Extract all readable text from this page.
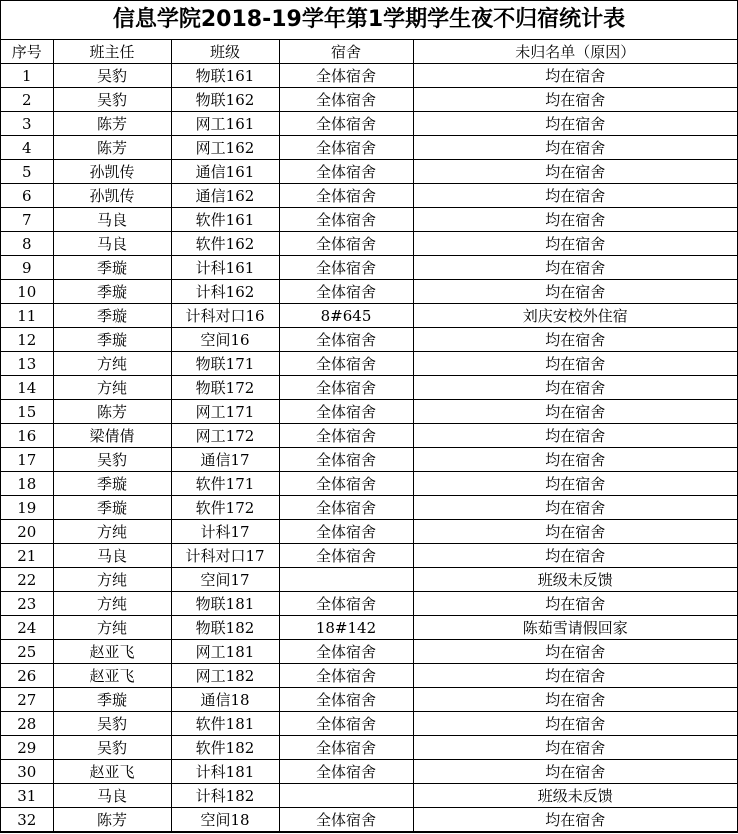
信息学院2018-19学年第1学期学生夜不归宿统计表
序号	班主任	班级	宿舍	未归名单（原因）
1	吴豹	物联161	全体宿舍	均在宿舍
2	吴豹	物联162	全体宿舍	均在宿舍
3	陈芳	网工161	全体宿舍	均在宿舍
4	陈芳	网工162	全体宿舍	均在宿舍
5	孙凯传	通信161	全体宿舍	均在宿舍
6	孙凯传	通信162	全体宿舍	均在宿舍
7	马良	软件161	全体宿舍	均在宿舍
8	马良	软件162	全体宿舍	均在宿舍
9	季璇	计科161	全体宿舍	均在宿舍
10	季璇	计科162	全体宿舍	均在宿舍
11	季璇	计科对口16	8#645	刘庆安校外住宿
12	季璇	空间16	全体宿舍	均在宿舍
13	方纯	物联171	全体宿舍	均在宿舍
14	方纯	物联172	全体宿舍	均在宿舍
15	陈芳	网工171	全体宿舍	均在宿舍
16	梁倩倩	网工172	全体宿舍	均在宿舍
17	吴豹	通信17	全体宿舍	均在宿舍
18	季璇	软件171	全体宿舍	均在宿舍
19	季璇	软件172	全体宿舍	均在宿舍
20	方纯	计科17	全体宿舍	均在宿舍
21	马良	计科对口17	全体宿舍	均在宿舍
22	方纯	空间17		班级未反馈
23	方纯	物联181	全体宿舍	均在宿舍
24	方纯	物联182	18#142	陈茹雪请假回家
25	赵亚飞	网工181	全体宿舍	均在宿舍
26	赵亚飞	网工182	全体宿舍	均在宿舍
27	季璇	通信18	全体宿舍	均在宿舍
28	吴豹	软件181	全体宿舍	均在宿舍
29	吴豹	软件182	全体宿舍	均在宿舍
30	赵亚飞	计科181	全体宿舍	均在宿舍
31	马良	计科182		班级未反馈
32	陈芳	空间18	全体宿舍	均在宿舍
